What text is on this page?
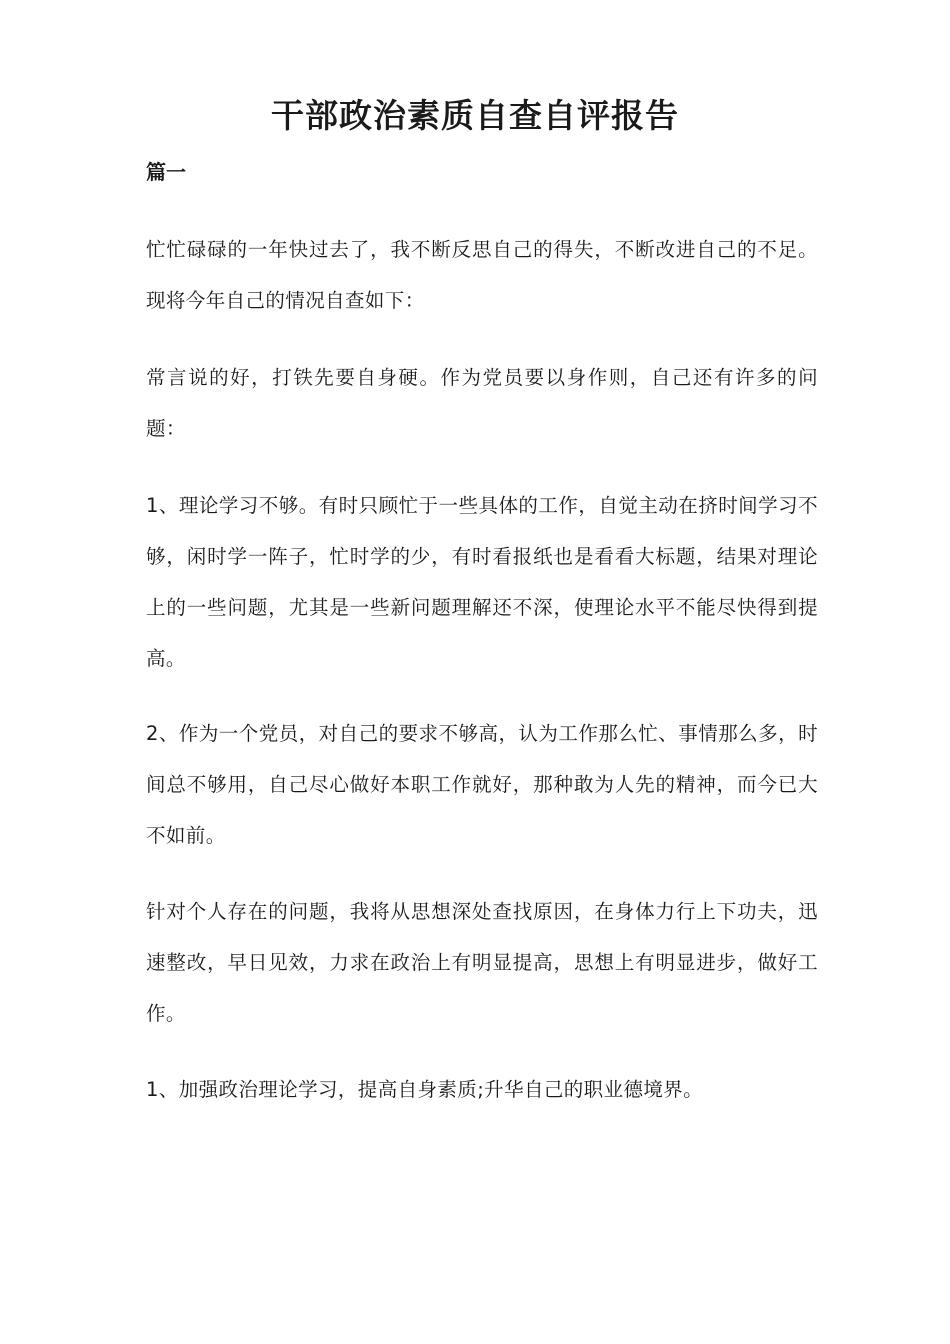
干部政治素质自查自评报告
篇一

忙忙碌碌的一年快过去了，我不断反思自己的得失，不断改进自己的不足。现将今年自己的情况自查如下：

常言说的好，打铁先要自身硬。作为党员要以身作则，自己还有许多的问题：

1、理论学习不够。有时只顾忙于一些具体的工作，自觉主动在挤时间学习不够，闲时学一阵子，忙时学的少，有时看报纸也是看看大标题，结果对理论上的一些问题，尤其是一些新问题理解还不深，使理论水平不能尽快得到提高。

2、作为一个党员，对自己的要求不够高，认为工作那么忙、事情那么多，时间总不够用，自己尽心做好本职工作就好，那种敢为人先的精神，而今已大不如前。

针对个人存在的问题，我将从思想深处查找原因，在身体力行上下功夫，迅速整改，早日见效，力求在政治上有明显提高，思想上有明显进步，做好工作。

1、加强政治理论学习，提高自身素质;升华自己的职业德境界。
